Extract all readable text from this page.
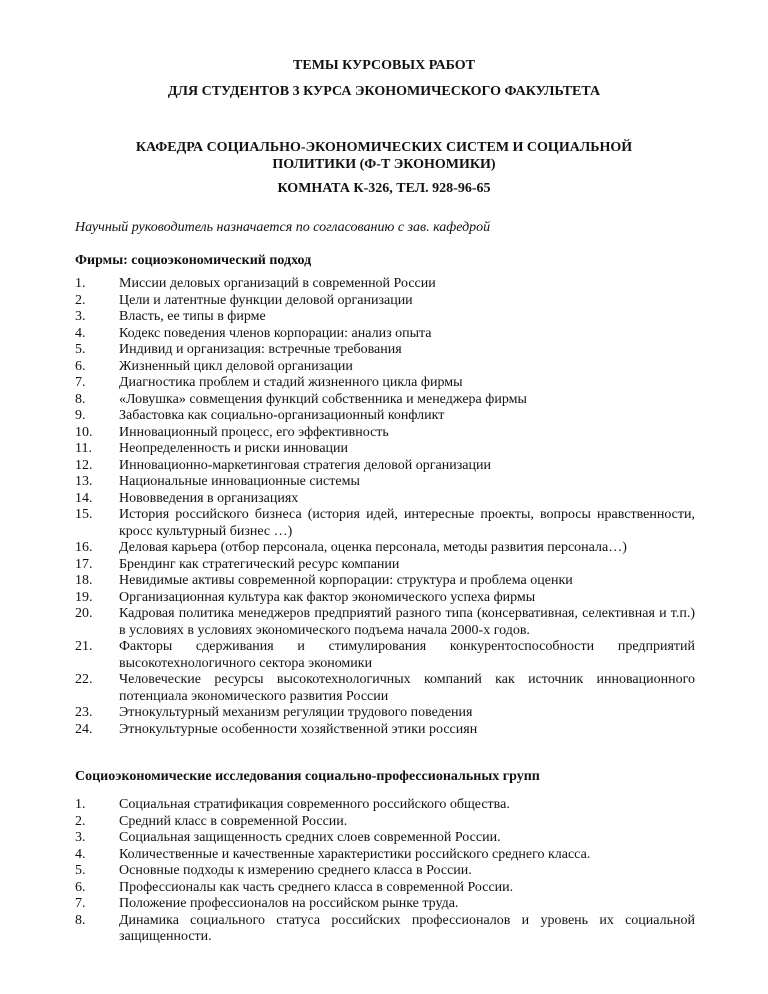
ТЕМЫ КУРСОВЫХ РАБОТ
ДЛЯ СТУДЕНТОВ 3 КУРСА ЭКОНОМИЧЕСКОГО ФАКУЛЬТЕТА
КАФЕДРА СОЦИАЛЬНО-ЭКОНОМИЧЕСКИХ СИСТЕМ И СОЦИАЛЬНОЙ
ПОЛИТИКИ (Ф-Т ЭКОНОМИКИ)
КОМНАТА К-326, ТЕЛ. 928-96-65
Научный руководитель назначается по согласованию с зав. кафедрой
Фирмы: социоэкономический подход
1.	Миссии деловых организаций в современной России
2.	Цели и латентные функции деловой организации
3.	Власть, ее типы в фирме
4.	Кодекс поведения членов корпорации: анализ опыта
5.	Индивид и организация: встречные требования
6.	Жизненный цикл деловой организации
7.	Диагностика проблем и стадий жизненного цикла фирмы
8.	«Ловушка» совмещения функций собственника и менеджера фирмы
9.	Забастовка как социально-организационный конфликт
10.	Инновационный процесс, его эффективность
11.	Неопределенность и риски инновации
12.	Инновационно-маркетинговая стратегия деловой организации
13.	Национальные инновационные системы
14.	Нововведения в организациях
15.	История российского бизнеса (история идей, интересные проекты, вопросы нравственности, кросс культурный бизнес …)
16.	Деловая карьера (отбор персонала, оценка персонала, методы развития персонала…)
17.	Брендинг как стратегический ресурс компании
18.	Невидимые активы современной корпорации: структура и проблема оценки
19.	Организационная культура как фактор экономического успеха фирмы
20.	Кадровая политика менеджеров предприятий разного типа (консервативная, селективная и т.п.) в условиях в условиях экономического подъема начала 2000-х годов.
21.	Факторы сдерживания и стимулирования конкурентоспособности предприятий высокотехнологичного сектора экономики
22.	Человеческие ресурсы высокотехнологичных компаний как источник инновационного потенциала экономического развития России
23.	Этнокультурный механизм регуляции трудового поведения
24.	Этнокультурные особенности хозяйственной этики россиян
Социоэкономические исследования социально-профессиональных групп
1.	Социальная стратификация современного российского общества.
2.	Средний класс в современной России.
3.	Социальная защищенность средних слоев современной России.
4.	Количественные и качественные характеристики российского среднего класса.
5.	Основные подходы к измерению среднего класса в России.
6.	Профессионалы как часть среднего класса в современной России.
7.	Положение профессионалов на российском рынке труда.
8.	Динамика социального статуса российских профессионалов и уровень их социальной защищенности.
